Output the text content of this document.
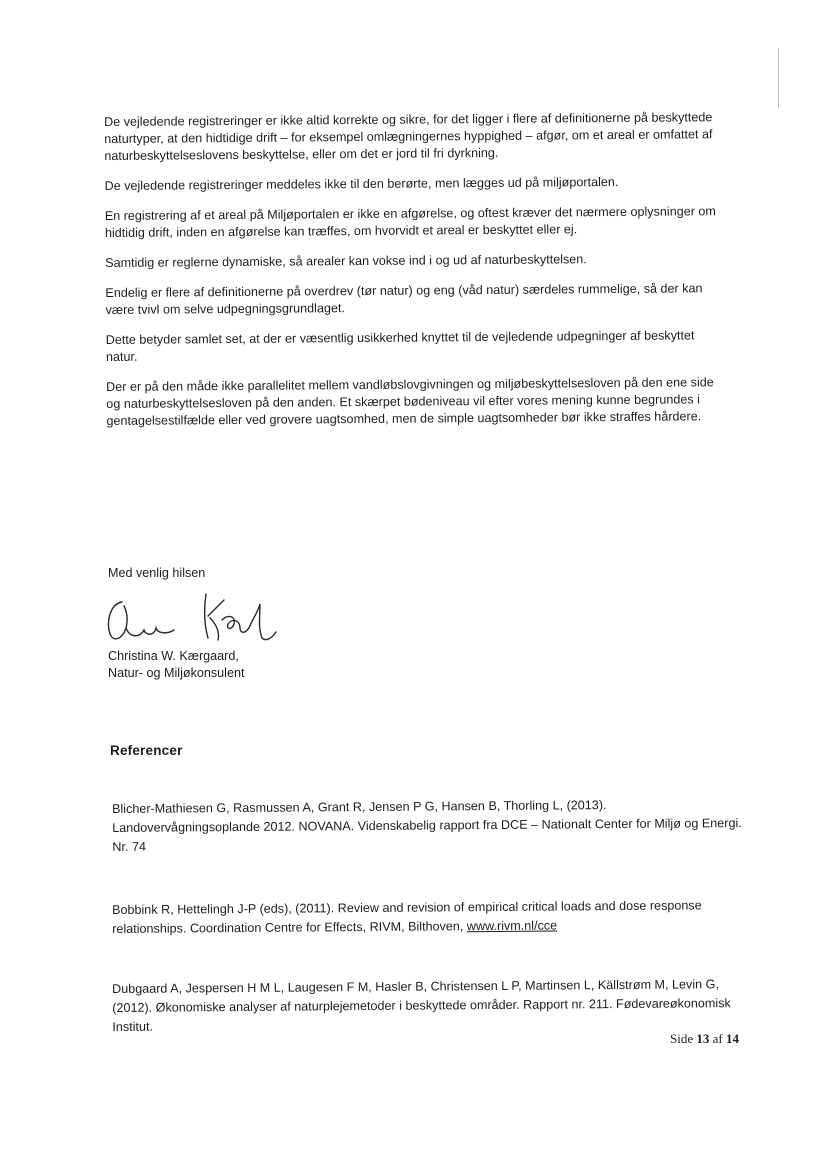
De vejledende registreringer er ikke altid korrekte og sikre, for det ligger i flere af definitionerne på beskyttede naturtyper, at den hidtidige drift – for eksempel omlægningernes hyppighed – afgør, om et areal er omfattet af naturbeskyttelseslovens beskyttelse, eller om det er jord til fri dyrkning.

De vejledende registreringer meddeles ikke til den berørte, men lægges ud på miljøportalen.

En registrering af et areal på Miljøportalen er ikke en afgørelse, og oftest kræver det nærmere oplysninger om hidtidig drift, inden en afgørelse kan træffes, om hvorvidt et areal er beskyttet eller ej.

Samtidig er reglerne dynamiske, så arealer kan vokse ind i og ud af naturbeskyttelsen.

Endelig er flere af definitionerne på overdrev (tør natur) og eng (våd natur) særdeles rummelige, så der kan være tvivl om selve udpegningsgrundlaget.

Dette betyder samlet set, at der er væsentlig usikkerhed knyttet til de vejledende udpegninger af beskyttet natur.

Der er på den måde ikke parallelitet mellem vandløbslovgivningen og miljøbeskyttelsesloven på den ene side og naturbeskyttelsesloven på den anden. Et skærpet bødeniveau vil efter vores mening kunne begrundes i gentagelsestilfælde eller ved grovere uagtsomhed, men de simple uagtsomheder bør ikke straffes hårdere.

Med venlig hilsen
Christina W. Kærgaard,
Natur- og Miljøkonsulent
Referencer
Blicher-Mathiesen G, Rasmussen A, Grant R, Jensen P G, Hansen B, Thorling L, (2013). Landovervågningsoplande 2012. NOVANA. Videnskabelig rapport fra DCE – Nationalt Center for Miljø og Energi. Nr. 74
Bobbink R, Hettelingh J-P (eds), (2011). Review and revision of empirical critical loads and dose response relationships. Coordination Centre for Effects, RIVM, Bilthoven, www.rivm.nl/cce
Dubgaard A, Jespersen H M L, Laugesen F M, Hasler B, Christensen L P, Martinsen L, Källstrøm M, Levin G, (2012). Økonomiske analyser af naturplejemetoder i beskyttede områder. Rapport nr. 211. Fødevareøkonomisk Institut.
Side 13 af 14
